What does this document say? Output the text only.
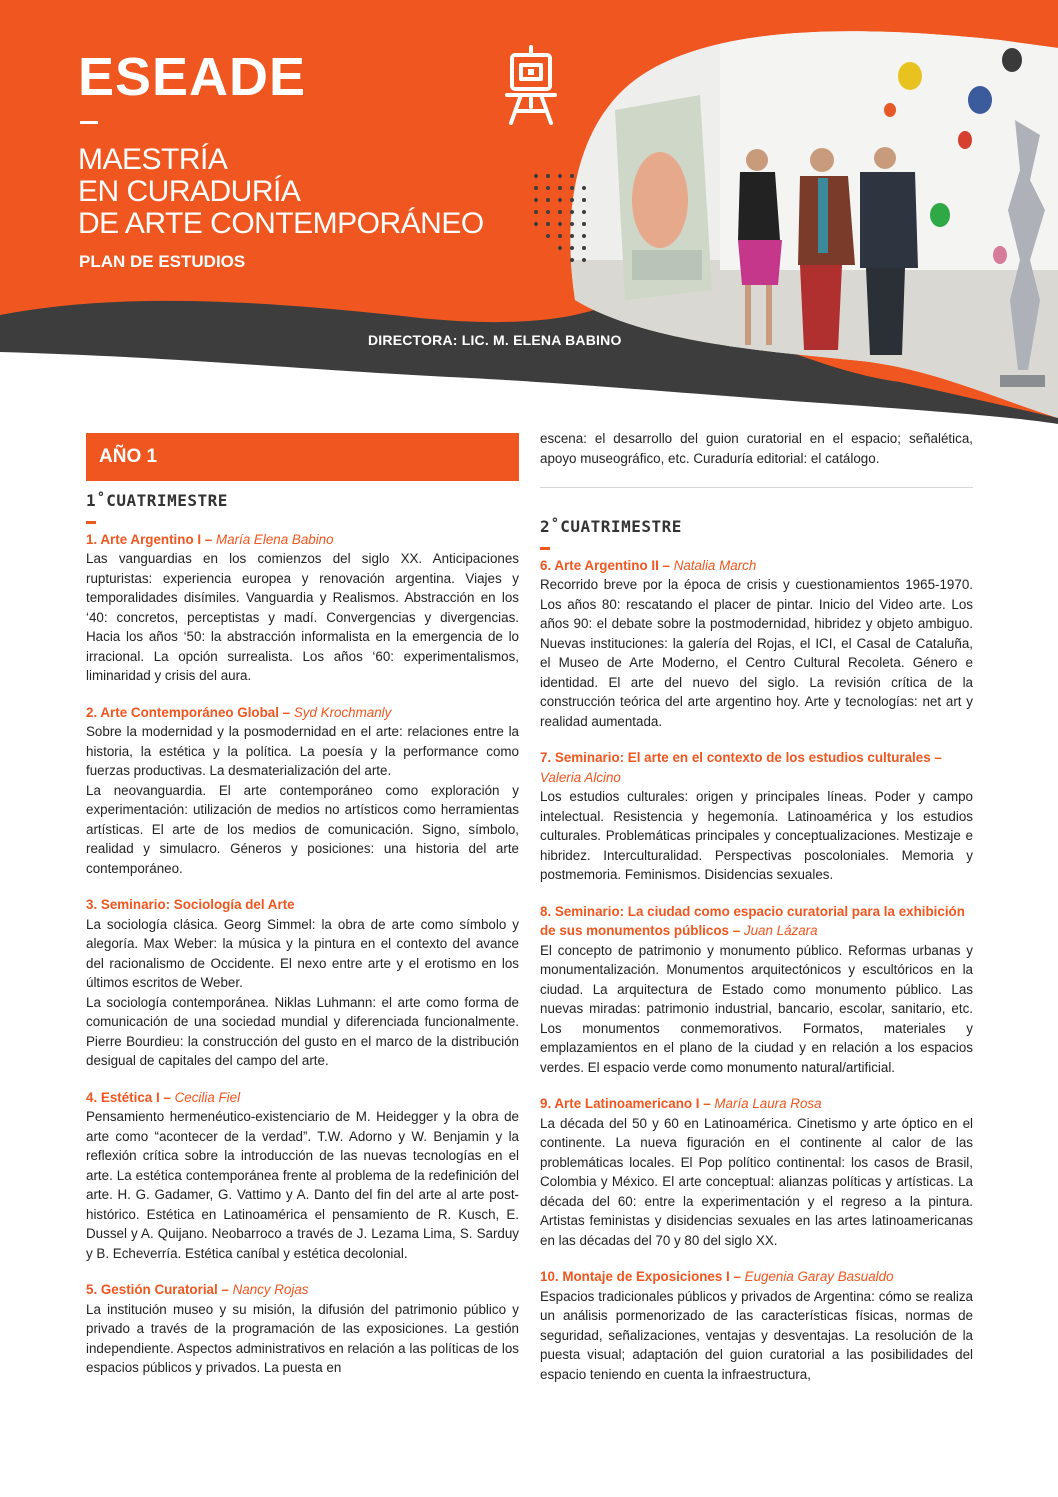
ESEADE
MAESTRÍA
EN CURADURÍA
DE ARTE CONTEMPORÁNEO
PLAN DE ESTUDIOS
DIRECTORA: LIC. M. ELENA BABINO
AÑO 1
1˚CUATRIMESTRE
1. Arte Argentino I – María Elena Babino

Las vanguardias en los comienzos del siglo XX. Anticipaciones rupturistas: experiencia europea y renovación argentina. Viajes y temporalidades disímiles. Vanguardia y Realismos. Abstracción en los ‘40: concretos, perceptistas y madí. Convergencias y divergencias. Hacia los años ‘50: la abstracción informalista en la emergencia de lo irracional. La opción surrealista. Los años ‘60: experimentalismos, liminaridad y crisis del aura.

2. Arte Contemporáneo Global – Syd Krochmanly

Sobre la modernidad y la posmodernidad en el arte: relaciones entre la historia, la estética y la política. La poesía y la performance como fuerzas productivas. La desmaterialización del arte.

La neovanguardia. El arte contemporáneo como exploración y experimentación: utilización de medios no artísticos como herramientas artísticas. El arte de los medios de comunicación. Signo, símbolo, realidad y simulacro. Géneros y posiciones: una historia del arte contemporáneo.

3. Seminario: Sociología del Arte

La sociología clásica. Georg Simmel: la obra de arte como símbolo y alegoría. Max Weber: la música y la pintura en el contexto del avance del racionalismo de Occidente. El nexo entre arte y el erotismo en los últimos escritos de Weber.

La sociología contemporánea. Niklas Luhmann: el arte como forma de comunicación de una sociedad mundial y diferenciada funcionalmente. Pierre Bourdieu: la construcción del gusto en el marco de la distribución desigual de capitales del campo del arte.

4. Estética I – Cecilia Fiel

Pensamiento hermenéutico-existenciario de M. Heidegger y la obra de arte como “acontecer de la verdad”. T.W. Adorno y W. Benjamin y la reflexión crítica sobre la introducción de las nuevas tecnologías en el arte. La estética contemporánea frente al problema de la redefinición del arte. H. G. Gadamer, G. Vattimo y A. Danto del fin del arte al arte post-histórico. Estética en Latinoamérica el pensamiento de R. Kusch, E. Dussel y A. Quijano. Neobarroco a través de J. Lezama Lima, S. Sarduy y B. Echeverría. Estética caníbal y estética decolonial.

5. Gestión Curatorial – Nancy Rojas

La institución museo y su misión, la difusión del patrimonio público y privado a través de la programación de las exposiciones. La gestión independiente. Aspectos administrativos en relación a las políticas de los espacios públicos y privados. La puesta en

escena: el desarrollo del guion curatorial en el espacio; señalética, apoyo museográfico, etc. Curaduría editorial: el catálogo.

2˚CUATRIMESTRE
6. Arte Argentino II – Natalia March

Recorrido breve por la época de crisis y cuestionamientos 1965-1970. Los años 80: rescatando el placer de pintar. Inicio del Video arte. Los años 90: el debate sobre la postmodernidad, hibridez y objeto ambiguo. Nuevas instituciones: la galería del Rojas, el ICI, el Casal de Cataluña, el Museo de Arte Moderno, el Centro Cultural Recoleta. Género e identidad. El arte del nuevo del siglo. La revisión crítica de la construcción teórica del arte argentino hoy. Arte y tecnologías: net art y realidad aumentada.

7. Seminario: El arte en el contexto de los estudios culturales – Valeria Alcino

Los estudios culturales: origen y principales líneas. Poder y campo intelectual. Resistencia y hegemonía. Latinoamérica y los estudios culturales. Problemáticas principales y conceptualizaciones. Mestizaje e hibridez. Interculturalidad. Perspectivas poscoloniales. Memoria y postmemoria. Feminismos. Disidencias sexuales.

8. Seminario: La ciudad como espacio curatorial para la exhibición de sus monumentos públicos – Juan Lázara

El concepto de patrimonio y monumento público. Reformas urbanas y monumentalización. Monumentos arquitectónicos y escultóricos en la ciudad. La arquitectura de Estado como monumento público. Las nuevas miradas: patrimonio industrial, bancario, escolar, sanitario, etc. Los monumentos conmemorativos. Formatos, materiales y emplazamientos en el plano de la ciudad y en relación a los espacios verdes. El espacio verde como monumento natural/artificial.

9. Arte Latinoamericano I – María Laura Rosa

La década del 50 y 60 en Latinoamérica. Cinetismo y arte óptico en el continente. La nueva figuración en el continente al calor de las problemáticas locales. El Pop político continental: los casos de Brasil, Colombia y México. El arte conceptual: alianzas políticas y artísticas. La década del 60: entre la experimentación y el regreso a la pintura. Artistas feministas y disidencias sexuales en las artes latinoamericanas en las décadas del 70 y 80 del siglo XX.

10. Montaje de Exposiciones I – Eugenia Garay Basualdo

Espacios tradicionales públicos y privados de Argentina: cómo se realiza un análisis pormenorizado de las características físicas, normas de seguridad, señalizaciones, ventajas y desventajas. La resolución de la puesta visual; adaptación del guion curatorial a las posibilidades del espacio teniendo en cuenta la infraestructura,
